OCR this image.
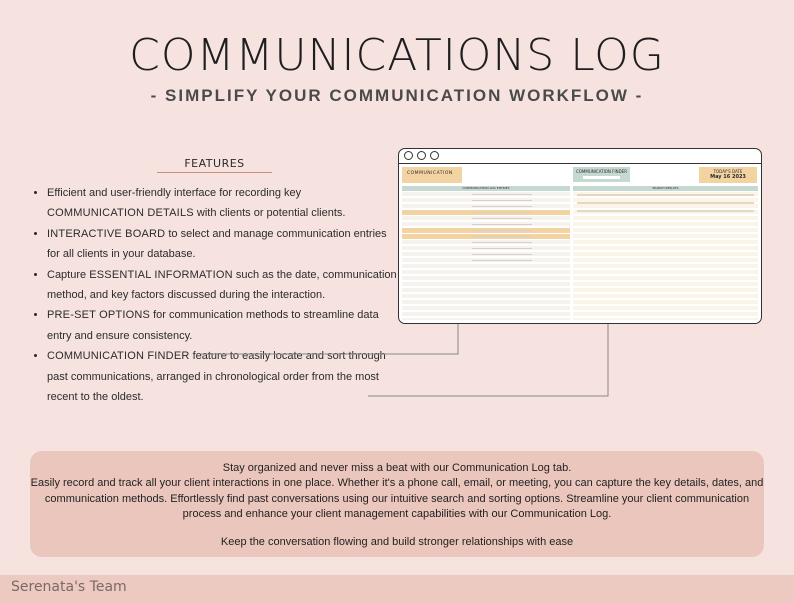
COMMUNICATIONS LOG
- SIMPLIFY YOUR COMMUNICATION WORKFLOW -
FEATURES
• Efficient and user-friendly interface for recording key COMMUNICATION DETAILS with clients or potential clients.
• INTERACTIVE BOARD to select and manage communication entries for all clients in your database.
• Capture ESSENTIAL INFORMATION such as the date, communication method, and key factors discussed during the interaction.
• PRE-SET OPTIONS for communication methods to streamline data entry and ensure consistency.
• COMMUNICATION FINDER feature to easily locate and sort through past communications, arranged in chronological order from the most recent to the oldest.
COMMUNICATION	COMMUNICATION FINDER	TODAY'S DATE
May 16 2023
COMMUNICATION LOG ENTRIES	SEARCH RESULTS

Stay organized and never miss a beat with our Communication Log tab.

Easily record and track all your client interactions in one place. Whether it's a phone call, email, or meeting, you can capture the key details, dates, and communication methods. Effortlessly find past conversations using our intuitive search and sorting options. Streamline your client communication process and enhance your client management capabilities with our Communication Log.

Keep the conversation flowing and build stronger relationships with ease

Serenata's Team
